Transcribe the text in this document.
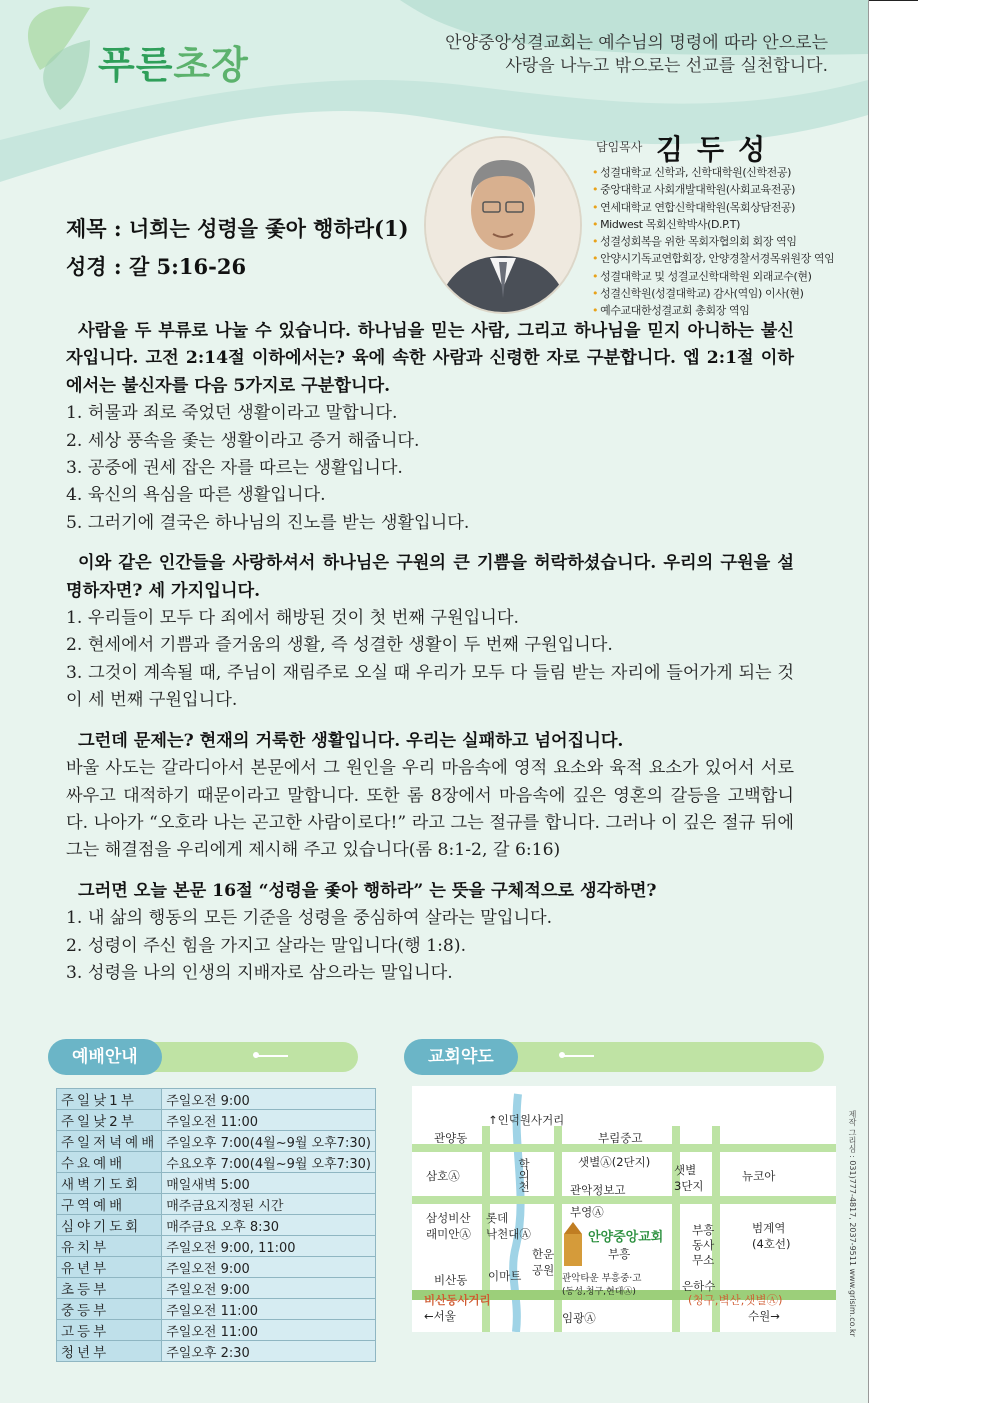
푸른초장	안양중앙성결교회는 예수님의 명령에 따라 안으로는
사랑을 나누고 밖으로는 선교를 실천합니다.
담임목사 김두성
• 성결대학교 신학과, 신학대학원(신학전공)
• 중앙대학교 사회개발대학원(사회교육전공)
• 연세대학교 연합신학대학원(목회상담전공)
• Midwest 목회신학박사(D.P.T)
• 성결성회복을 위한 목회자협의회 회장 역임
• 안양시기독교연합회장, 안양경찰서경목위원장 역임
• 성결대학교 및 성결교신학대학원 외래교수(현)
• 성결신학원(성결대학교) 감사(역임) 이사(현)
• 예수교대한성결교회 총회장 역임
제목 : 너희는 성령을 좇아 행하라(1)
성경 : 갈 5:16-26

사람을 두 부류로 나눌 수 있습니다. 하나님을 믿는 사람, 그리고 하나님을 믿지 아니하는 불신자입니다. 고전 2:14절 이하에서는? 육에 속한 사람과 신령한 자로 구분합니다. 엡 2:1절 이하에서는 불신자를 다음 5가지로 구분합니다.

1. 허물과 죄로 죽었던 생활이라고 말합니다.

2. 세상 풍속을 좇는 생활이라고 증거 해줍니다.

3. 공중에 권세 잡은 자를 따르는 생활입니다.

4. 육신의 욕심을 따른 생활입니다.

5. 그러기에 결국은 하나님의 진노를 받는 생활입니다.

이와 같은 인간들을 사랑하셔서 하나님은 구원의 큰 기쁨을 허락하셨습니다. 우리의 구원을 설명하자면? 세 가지입니다.

1. 우리들이 모두 다 죄에서 해방된 것이 첫 번째 구원입니다.

2. 현세에서 기쁨과 즐거움의 생활, 즉 성결한 생활이 두 번째 구원입니다.

3. 그것이 계속될 때, 주님이 재림주로 오실 때 우리가 모두 다 들림 받는 자리에 들어가게 되는 것이 세 번째 구원입니다.

그런데 문제는? 현재의 거룩한 생활입니다. 우리는 실패하고 넘어집니다.

바울 사도는 갈라디아서 본문에서 그 원인을 우리 마음속에 영적 요소와 육적 요소가 있어서 서로 싸우고 대적하기 때문이라고 말합니다. 또한 롬 8장에서 마음속에 깊은 영혼의 갈등을 고백합니다. 나아가 “오호라 나는 곤고한 사람이로다!” 라고 그는 절규를 합니다. 그러나 이 깊은 절규 뒤에 그는 해결점을 우리에게 제시해 주고 있습니다(롬 8:1-2, 갈 6:16)

그러면 오늘 본문 16절 “성령을 좇아 행하라” 는 뜻을 구체적으로 생각하면?

1. 내 삶의 행동의 모든 기준을 성령을 중심하여 살라는 말입니다.

2. 성령이 주신 힘을 가지고 살라는 말입니다(행 1:8).

3. 성령을 나의 인생의 지배자로 삼으라는 말입니다.

예배안내
주일낮1부	주일오전 9:00
주일낮2부	주일오전 11:00
주일저녁예배	주일오후 7:00(4월~9월 오후7:30)
수요예배	수요오후 7:00(4월~9월 오후7:30)
새벽기도회	매일새벽 5:00
구역예배	매주금요지정된 시간
심야기도회	매주금요 오후 8:30
유치부	주일오전 9:00, 11:00
유년부	주일오전 9:00
초등부	주일오전 9:00
중등부	주일오전 11:00
고등부	주일오전 11:00
청년부	주일오후 2:30
교회약도
관양동
↑인덕원사거리
부림중고
샛별Ⓐ(2단지)
샛별
3단지
삼호Ⓐ	학의천	뉴코아
관악정보고
삼성비산
래미안Ⓐ
롯데
낙천대Ⓐ
부영Ⓐ
안양중앙교회
부흥
부흥
동사
무소
범계역
(4호선)
한운
공원
비산동 이마트	관악타운 부흥중·고
(동성,청구,현대Ⓐ)	은하수
비산동사거리	(청구,벽산,샛별Ⓐ)
←서울	임광Ⓐ	수원→	제작 그리심 : 031)777-4817, 2037-9511 www.grisim.co.kr
